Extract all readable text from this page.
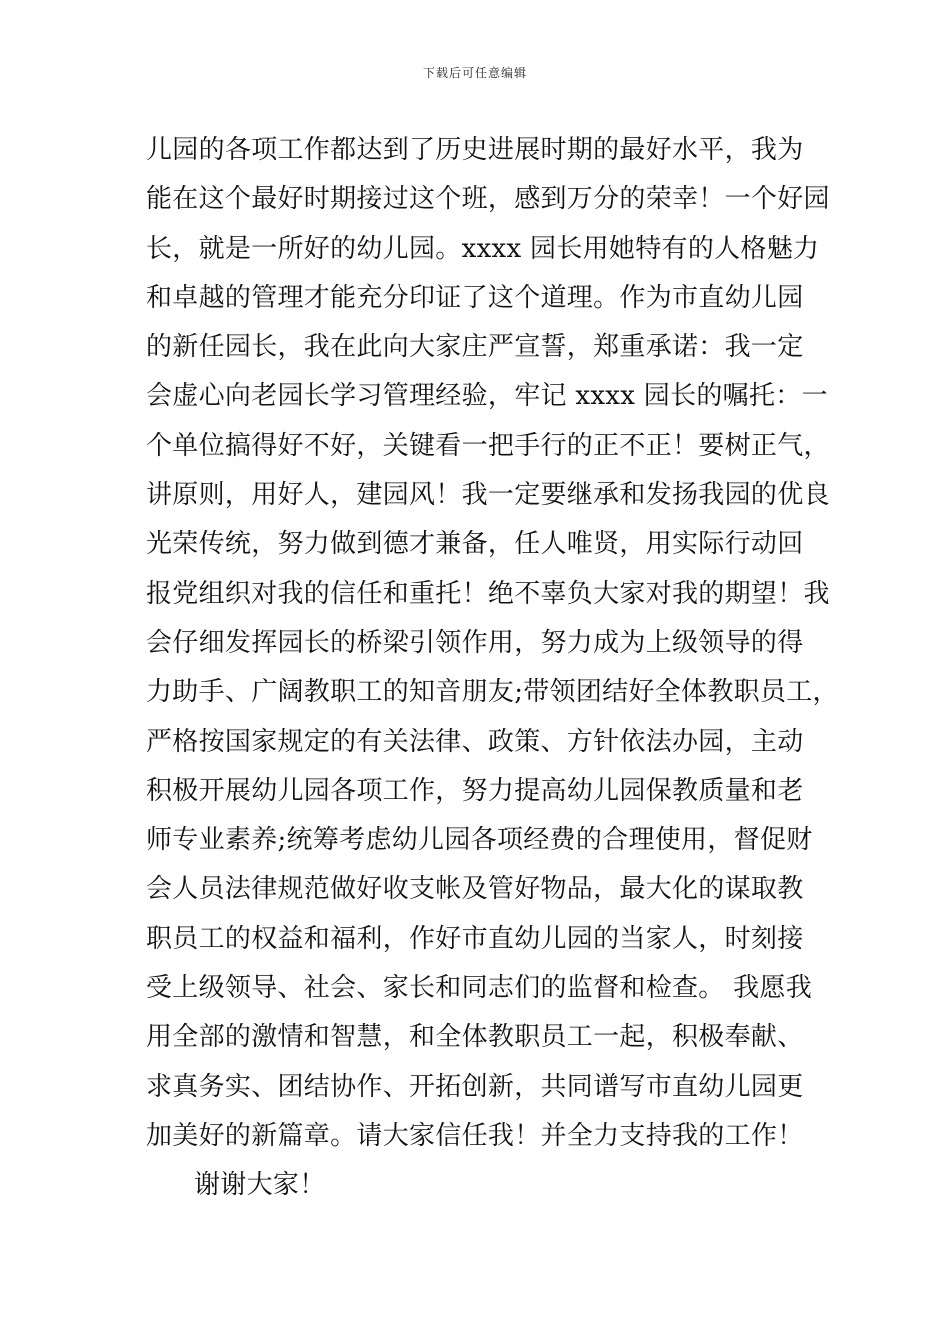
下载后可任意编辑
儿园的各项工作都达到了历史进展时期的最好水平，我为
能在这个最好时期接过这个班，感到万分的荣幸！一个好园
长，就是一所好的幼儿园。xxxx 园长用她特有的人格魅力
和卓越的管理才能充分印证了这个道理。作为市直幼儿园
的新任园长，我在此向大家庄严宣誓，郑重承诺：我一定
会虚心向老园长学习管理经验，牢记 xxxx 园长的嘱托：一
个单位搞得好不好，关键看一把手行的正不正！要树正气，
讲原则，用好人，建园风！我一定要继承和发扬我园的优良
光荣传统，努力做到德才兼备，任人唯贤，用实际行动回
报党组织对我的信任和重托！绝不辜负大家对我的期望！我
会仔细发挥园长的桥梁引领作用，努力成为上级领导的得
力助手、广阔教职工的知音朋友;带领团结好全体教职员工，
严格按国家规定的有关法律、政策、方针依法办园，主动
积极开展幼儿园各项工作，努力提高幼儿园保教质量和老
师专业素养;统筹考虑幼儿园各项经费的合理使用，督促财
会人员法律规范做好收支帐及管好物品，最大化的谋取教
职员工的权益和福利，作好市直幼儿园的当家人，时刻接
受上级领导、社会、家长和同志们的监督和检查。 我愿我
用全部的激情和智慧，和全体教职员工一起，积极奉献、
求真务实、团结协作、开拓创新，共同谱写市直幼儿园更
加美好的新篇章。请大家信任我！并全力支持我的工作！
谢谢大家！
